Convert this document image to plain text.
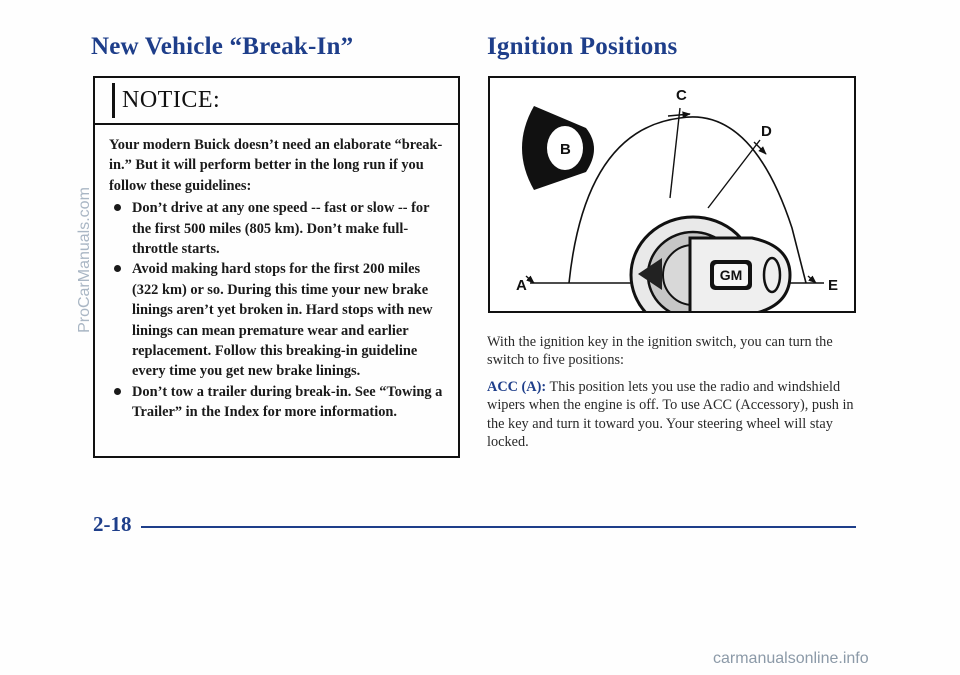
New Vehicle “Break-In”
NOTICE:

Your modern Buick doesn’t need an elaborate “break-in.” But it will perform better in the long run if you follow these guidelines:

Don’t drive at any one speed -- fast or slow -- for the first 500 miles (805 km). Don’t make full-throttle starts.
Avoid making hard stops for the first 200 miles (322 km) or so. During this time your new brake linings aren’t yet broken in. Hard stops with new linings can mean premature wear and earlier replacement. Follow this breaking-in guideline every time you get new brake linings.
Don’t tow a trailer during break-in. See “Towing a Trailer” in the Index for more information.
Ignition Positions
GM
A
B
C
D
E

With the ignition key in the ignition switch, you can turn the switch to five positions:

ACC (A): This position lets you use the radio and windshield wipers when the engine is off. To use ACC (Accessory), push in the key and turn it toward you. Your steering wheel will stay locked.

2-18
ProCarManuals.com
carmanualsonline.info
